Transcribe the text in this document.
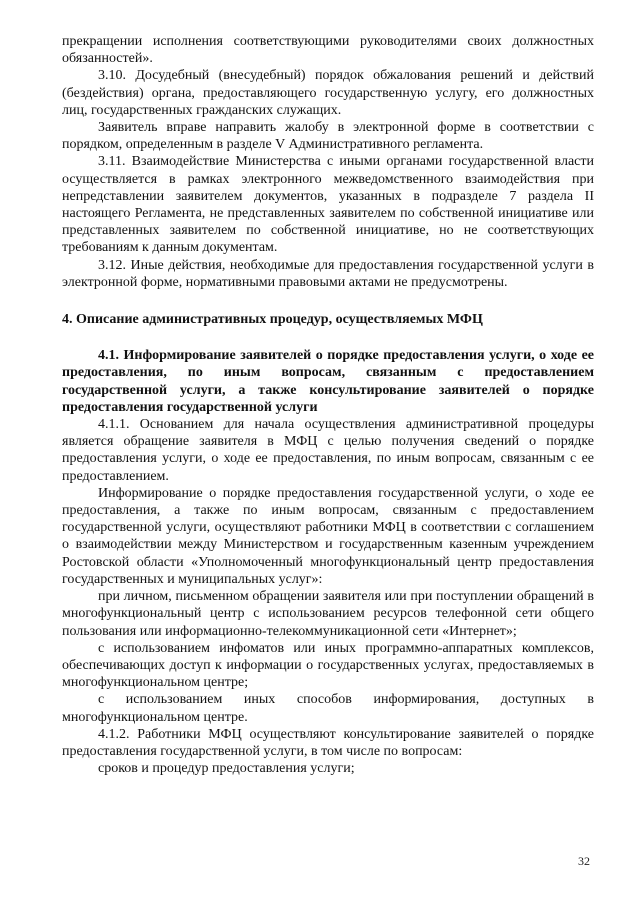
прекращении исполнения соответствующими руководителями своих должностных обязанностей».

3.10. Досудебный (внесудебный) порядок обжалования решений и действий (бездействия) органа, предоставляющего государственную услугу, его должностных лиц, государственных гражданских служащих.

Заявитель вправе направить жалобу в электронной форме в соответствии с порядком, определенным в разделе V Административного регламента.

3.11. Взаимодействие Министерства с иными органами государственной власти осуществляется в рамках электронного межведомственного взаимодействия при непредставлении заявителем документов, указанных в подразделе 7 раздела II настоящего Регламента, не представленных заявителем по собственной инициативе или представленных заявителем по собственной инициативе, но не соответствующих требованиям к данным документам.

3.12. Иные действия, необходимые для предоставления государственной услуги в электронной форме, нормативными правовыми актами не предусмотрены.

4. Описание административных процедур, осуществляемых МФЦ

4.1. Информирование заявителей о порядке предоставления услуги, о ходе ее предоставления, по иным вопросам, связанным с предоставлением государственной услуги, а также консультирование заявителей о порядке предоставления государственной услуги

4.1.1. Основанием для начала осуществления административной процедуры является обращение заявителя в МФЦ с целью получения сведений о порядке предоставления услуги, о ходе ее предоставления, по иным вопросам, связанным с ее предоставлением.

Информирование о порядке предоставления государственной услуги, о ходе ее предоставления, а также по иным вопросам, связанным с предоставлением государственной услуги, осуществляют работники МФЦ в соответствии с соглашением о взаимодействии между Министерством и государственным казенным учреждением Ростовской области «Уполномоченный многофункциональный центр предоставления государственных и муниципальных услуг»:

при личном, письменном обращении заявителя или при поступлении обращений в многофункциональный центр с использованием ресурсов телефонной сети общего пользования или информационно-телекоммуникационной сети «Интернет»;

с использованием инфоматов или иных программно-аппаратных комплексов, обеспечивающих доступ к информации о государственных услугах, предоставляемых в многофункциональном центре;

с использованием иных способов информирования, доступных в многофункциональном центре.

4.1.2. Работники МФЦ осуществляют консультирование заявителей о порядке предоставления государственной услуги, в том числе по вопросам:

сроков и процедур предоставления услуги;

32
